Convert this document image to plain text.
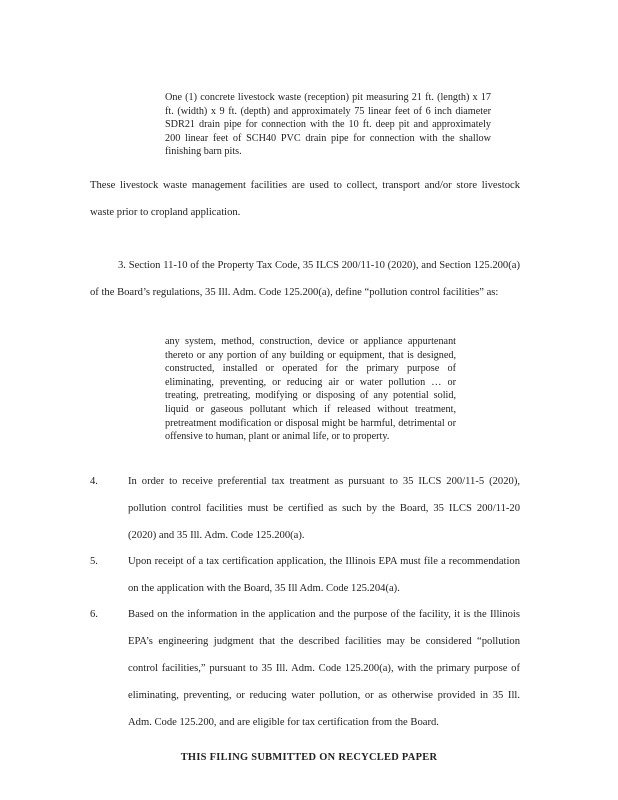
One (1) concrete livestock waste (reception) pit measuring 21 ft. (length) x 17 ft. (width) x 9 ft. (depth) and approximately 75 linear feet of 6 inch diameter SDR21 drain pipe for connection with the 10 ft. deep pit and approximately 200 linear feet of SCH40 PVC drain pipe for connection with the shallow finishing barn pits.

These livestock waste management facilities are used to collect, transport and/or store livestock waste prior to cropland application.

3. Section 11-10 of the Property Tax Code, 35 ILCS 200/11-10 (2020), and Section 125.200(a) of the Board’s regulations, 35 Ill. Adm. Code 125.200(a), define “pollution control facilities” as:

any system, method, construction, device or appliance appurtenant thereto or any portion of any building or equipment, that is designed, constructed, installed or operated for the primary purpose of eliminating, preventing, or reducing air or water pollution … or treating, pretreating, modifying or disposing of any potential solid, liquid or gaseous pollutant which if released without treatment, pretreatment modification or disposal might be harmful, detrimental or offensive to human, plant or animal life, or to property.

4.	In order to receive preferential tax treatment as pursuant to 35 ILCS 200/11-5 (2020), pollution control facilities must be certified as such by the Board, 35 ILCS 200/11-20 (2020) and 35 Ill. Adm. Code 125.200(a).

5.	Upon receipt of a tax certification application, the Illinois EPA must file a recommendation on the application with the Board, 35 Ill Adm. Code 125.204(a).

6.	Based on the information in the application and the purpose of the facility, it is the Illinois EPA’s engineering judgment that the described facilities may be considered “pollution control facilities,” pursuant to 35 Ill. Adm. Code 125.200(a), with the primary purpose of eliminating, preventing, or reducing water pollution, or as otherwise provided in 35 Ill. Adm. Code 125.200, and are eligible for tax certification from the Board.

THIS FILING SUBMITTED ON RECYCLED PAPER
